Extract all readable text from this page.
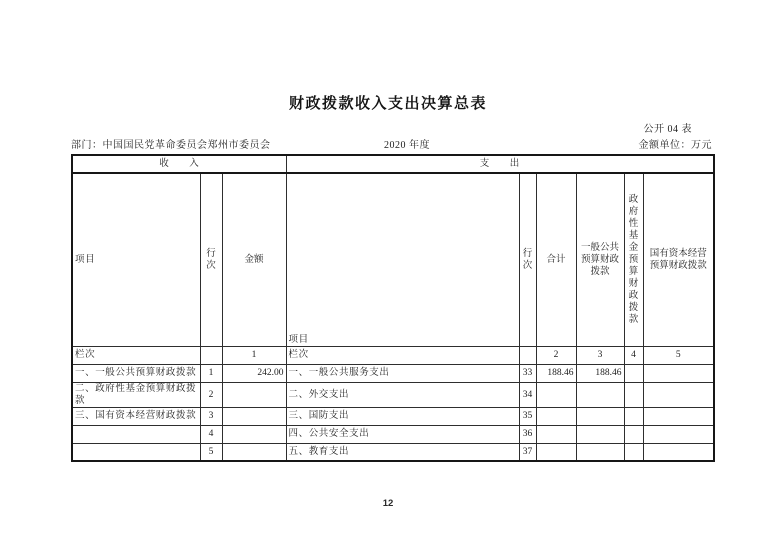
财政拨款收入支出决算总表
公开 04 表
部门：中国国民党革命委员会郑州市委员会	2020 年度	金额单位：万元
收　　入			支　　出					
项目	行次	金额	项目	行次	合计	一般公共预算财政拨款	政府性基金预算财政拨款	国有资本经营预算财政拨款
栏次		1	栏次		2	3	4	5
一、一般公共预算财政拨款	1	242.00	一、一般公共服务支出	33	188.46	188.46		
二、政府性基金预算财政拨款	2		二、外交支出	34				
三、国有资本经营财政拨款	3		三、国防支出	35				
	4		四、公共安全支出	36				
	5		五、教育支出	37				
12
